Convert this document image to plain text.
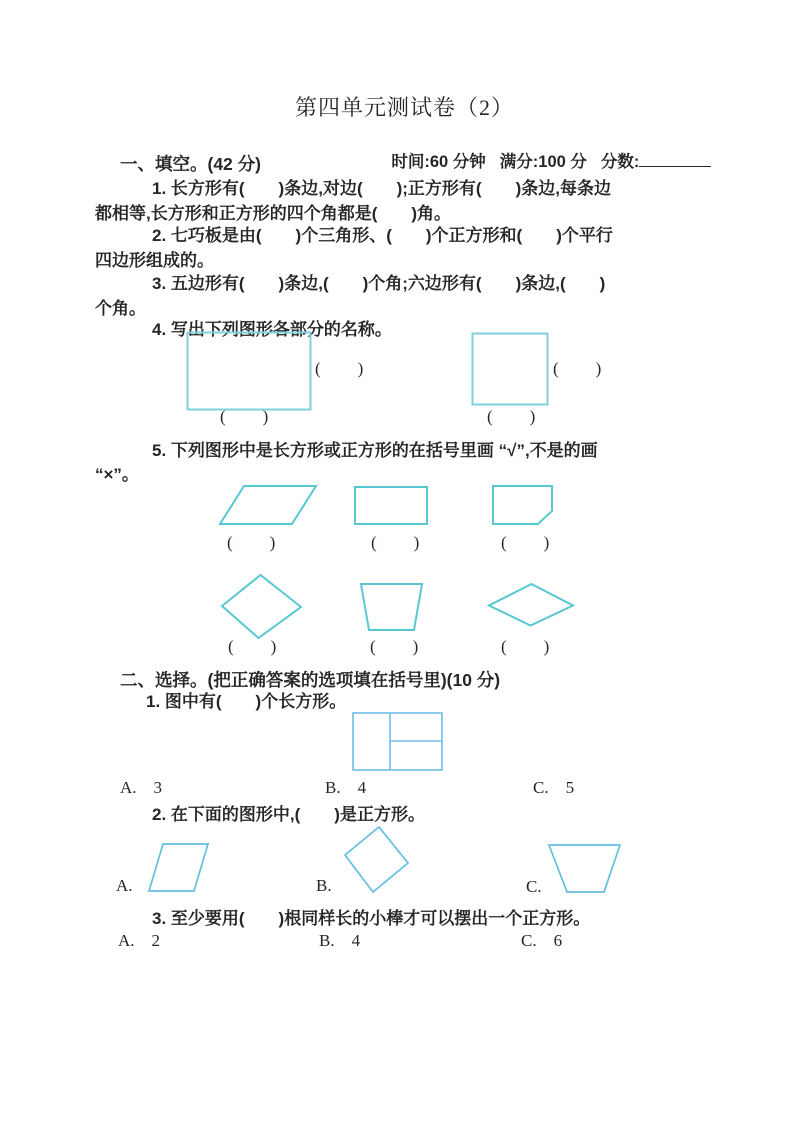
第四单元测试卷（2）

时间:60 分钟 满分:100 分 分数:

一、填空。(42 分)
1. 长方形有(　　)条边,对边(　　);正方形有(　　)条边,每条边
都相等,长方形和正方形的四个角都是(　　)角。
2. 七巧板是由(　　)个三角形、(　　)个正方形和(　　)个平行
四边形组成的。
3. 五边形有(　　)条边,(　　)个角;六边形有(　　)条边,(　　)
个角。
4. 写出下列图形各部分的名称。
(　　)
(　　)
(　　)
(　　)
5. 下列图形中是长方形或正方形的在括号里画 “√”,不是的画
“×”。
(　　)	(　　)	(　　)
(　　)	(　　)	(　　)
二、选择。(把正确答案的选项填在括号里)(10 分)
1. 图中有(　　)个长方形。
A.　3	B.　4	C.　5
2. 在下面的图形中,(　　)是正方形。
A.	B.	C.
3. 至少要用(　　)根同样长的小棒才可以摆出一个正方形。
A.　2	B.　4	C.　6
